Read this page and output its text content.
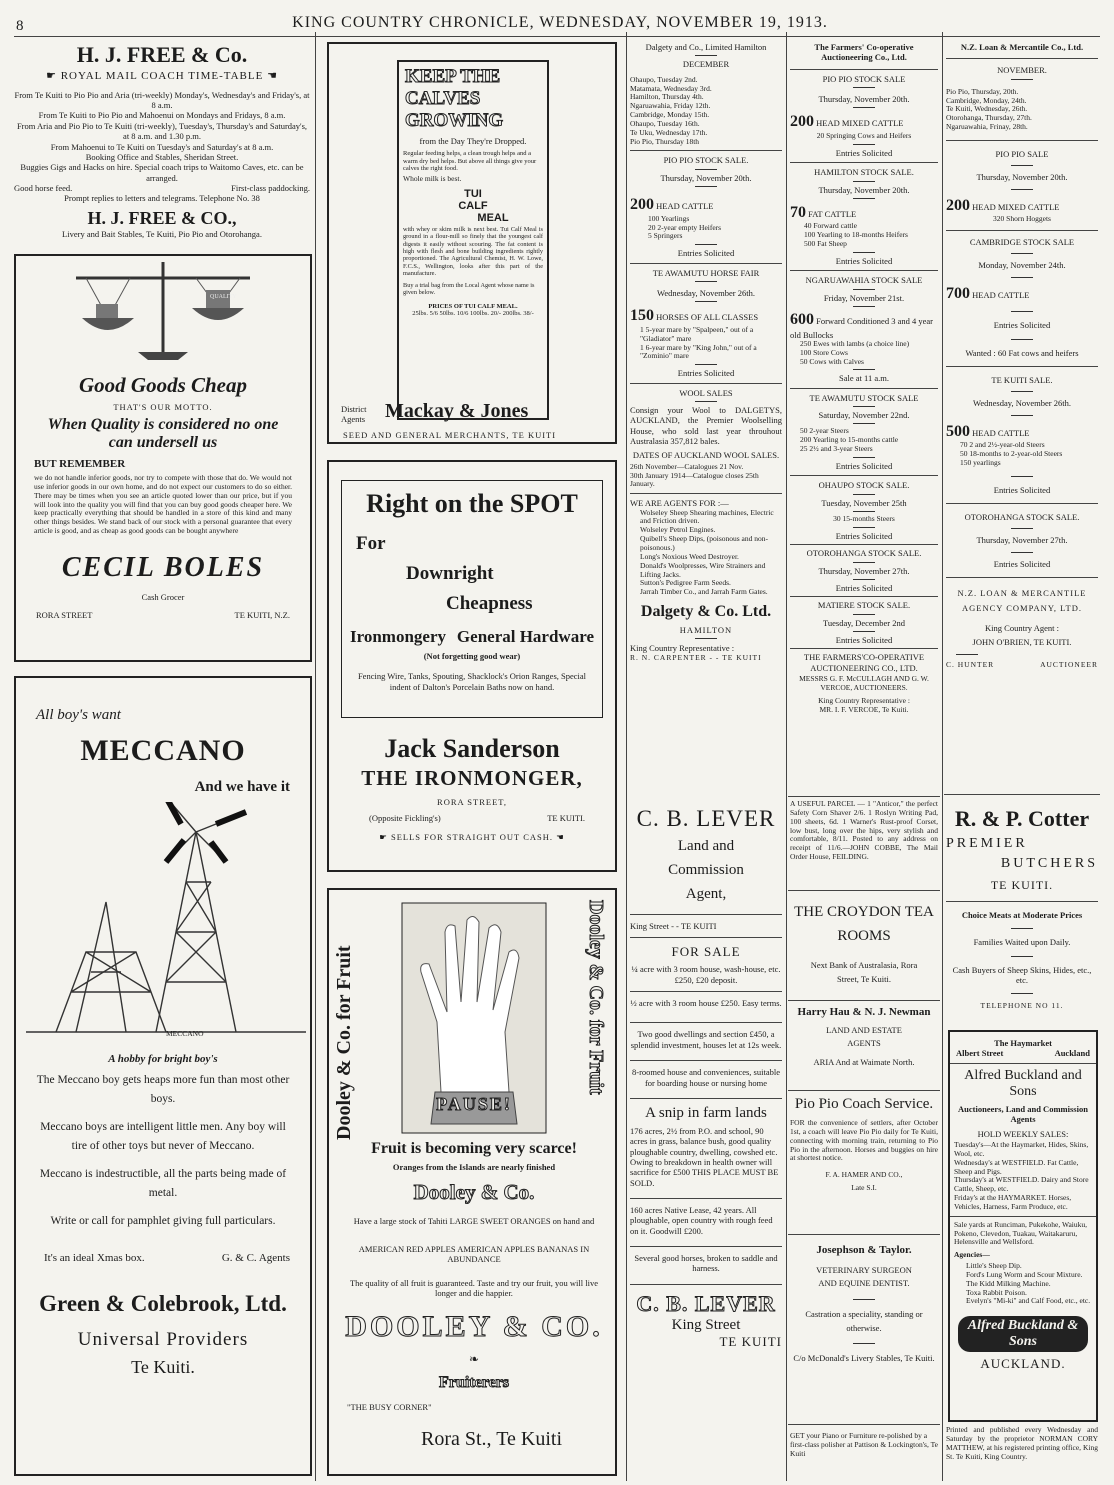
8	KING COUNTRY CHRONICLE, WEDNESDAY, NOVEMBER 19, 1913.
H. J. FREE & Co.
☛ ROYAL MAIL COACH TIME-TABLE ☚
From Te Kuiti to Pio Pio and Aria (tri-weekly) Monday's, Wednesday's and Friday's, at 8 a.m.
From Te Kuiti to Pio Pio and Mahoenui on Mondays and Fridays, 8 a.m.
From Aria and Pio Pio to Te Kuiti (tri-weekly), Tuesday's, Thursday's and Saturday's, at 8 a.m. and 1.30 p.m.
From Mahoenui to Te Kuiti on Tuesday's and Saturday's at 8 a.m.
Booking Office and Stables, Sheridan Street.
Buggies Gigs and Hacks on hire. Special coach trips to Waitomo Caves, etc. can be arranged.
Good horse feed.	First-class paddocking.
Prompt replies to letters and telegrams. Telephone No. 38
H. J. FREE & CO.,
Livery and Bait Stables, Te Kuiti, Pio Pio and Otorohanga.
QUALITY
Good Goods Cheap
THAT'S OUR MOTTO.
When Quality is considered no one can undersell us
BUT REMEMBER
we do not handle inferior goods, nor try to compete with those that do. We would not use inferior goods in our own home, and do not expect our customers to do so either. There may be times when you see an article quoted lower than our price, but if you will look into the quality you will find that you can buy good goods cheaper here. We keep practically everything that should be handled in a store of this kind and many other things besides. We stand back of our stock with a personal guarantee that every article is good, and as cheap as good goods can be bought anywhere
CECIL BOLES
Cash Grocer
RORA STREET	TE KUITI, N.Z.
All boy's want
MECCANO
And we have it
MECCANO
A hobby for bright boy's
The Meccano boy gets heaps more fun than most other boys.
Meccano boys are intelligent little men. Any boy will tire of other toys but never of Meccano.
Meccano is indestructible, all the parts being made of metal.
Write or call for pamphlet giving full particulars.
It's an ideal Xmas box.	G. & C. Agents
Green & Colebrook, Ltd.
Universal Providers
Te Kuiti.
KEEP THE CALVES GROWING
from the Day They're Dropped.
Regular feeding helps, a clean trough helps and a warm dry bed helps. But above all things give your calves the right food.
Whole milk is best.
TUI
CALF
MEAL
with whey or skim milk is next best. Tui Calf Meal is ground in a flour-mill so finely that the youngest calf digests it easily without scouring. The fat content is high with flesh and bone building ingredients rightly proportioned. The Agricultural Chemist, H. W. Lowe, F.C.S., Wellington, looks after this part of the manufacture.
Buy a trial bag from the Local Agent whose name is given below.
PRICES OF TUI CALF MEAL.
25lbs. 5/6 50lbs. 10/6 100lbs. 20/- 200lbs. 38/-
District Agents Mackay & Jones
SEED AND GENERAL MERCHANTS, TE KUITI
Right on the SPOT
For
Downright
Cheapness
Ironmongery General Hardware
(Not forgetting good wear)
Fencing Wire, Tanks, Spouting, Shacklock's Orion Ranges, Special indent of Dalton's Porcelain Baths now on hand.
Jack Sanderson
THE IRONMONGER,
RORA STREET,
(Opposite Fickling's)	TE KUITI.
☛ SELLS FOR STRAIGHT OUT CASH. ☚
Dooley & Co. for Fruit	Dooley & Co. for Fruit
PAUSE!
Fruit is becoming very scarce!
Oranges from the Islands are nearly finished
Dooley & Co.
Have a large stock of Tahiti LARGE SWEET ORANGES on hand and
AMERICAN RED APPLES AMERICAN APPLES BANANAS IN ABUNDANCE
The quality of all fruit is guaranteed. Taste and try our fruit, you will live longer and die happier.
DOOLEY & CO.
❧
Fruiterers
"THE BUSY CORNER"
Rora St., Te Kuiti
Dalgety and Co., Limited Hamilton
DECEMBER
Ohaupo, Tuesday 2nd.
Matamata, Wednesday 3rd.
Hamilton, Thursday 4th.
Ngaruawahia, Friday 12th.
Cambridge, Monday 15th.
Ohaupo, Tuesday 16th.
Te Uku, Wednesday 17th.
Pio Pio, Thursday 18th
PIO PIO STOCK SALE.
Thursday, November 20th.
200 HEAD CATTLE
100 Yearlings
20 2-year empty Heifers
5 Springers
Entries Solicited
TE AWAMUTU HORSE FAIR
Wednesday, November 26th.
150 HORSES OF ALL CLASSES
1 5-year mare by "Spalpeen," out of a "Gladiator" mare
1 6-year mare by "King John," out of a "Zominio" mare
Entries Solicited
WOOL SALES
Consign your Wool to DALGETYS, AUCKLAND, the Premier Woolselling House, who sold last year throuhout Australasia 357,812 bales.
DATES OF AUCKLAND WOOL SALES.
26th November—Catalogues 21 Nov.
30th January 1914—Catalogue closes 25th January.
WE ARE AGENTS FOR :—
Wolseley Sheep Shearing machines, Electric and Friction driven.
Wolseley Petrol Engines.
Quibell's Sheep Dips, (poisonous and non-poisonous.)
Long's Noxious Weed Destroyer.
Donald's Woolpresses, Wire Strainers and Lifting Jacks.
Sutton's Pedigree Farm Seeds.
Jarrah Timber Co., and Jarrah Farm Gates.
Dalgety & Co. Ltd.
HAMILTON
King Country Representative :
R. N. CARPENTER - - TE KUITI
C. B. LEVER
Land and Commission Agent,
King Street - - TE KUITI
FOR SALE
¼ acre with 3 room house, wash-house, etc. £250, £20 deposit.
½ acre with 3 room house £250. Easy terms.
Two good dwellings and section £450, a splendid investment, houses let at 12s week.
8-roomed house and conveniences, suitable for boarding house or nursing home
A snip in farm lands
176 acres, 2½ from P.O. and school, 90 acres in grass, balance bush, good quality ploughable country, dwelling, cowshed etc. Owing to breakdown in health owner will sacrifice for £500 THIS PLACE MUST BE SOLD.
160 acres Native Lease, 42 years. All ploughable, open country with rough feed on it. Goodwill £200.
Several good horses, broken to saddle and harness.
C. B. LEVER
King Street
TE KUITI
The Farmers' Co-operative Auctioneering Co., Ltd.
PIO PIO STOCK SALE
Thursday, November 20th.
200 HEAD MIXED CATTLE
20 Springing Cows and Heifers
Entries Solicited
HAMILTON STOCK SALE.
Thursday, November 20th.
70 FAT CATTLE
40 Forward cattle
100 Yearling to 18-months Heifers
500 Fat Sheep
Entries Solicited
NGARUAWAHIA STOCK SALE
Friday, November 21st.
600 Forward Conditioned 3 and 4 year old Bullocks
250 Ewes with lambs (a choice line)
100 Store Cows
50 Cows with Calves
Sale at 11 a.m.
TE AWAMUTU STOCK SALE
Saturday, November 22nd.
50 2-year Steers
200 Yearling to 15-months cattle
25 2½ and 3-year Steers
Entries Solicited
OHAUPO STOCK SALE.
Tuesday, November 25th
30 15-months Steers
Entries Solicited
OTOROHANGA STOCK SALE.
Thursday, November 27th.
Entries Solicited
MATIERE STOCK SALE.
Tuesday, December 2nd
Entries Solicited
THE FARMERS'CO-OPERATIVE AUCTIONEERING CO., LTD.
MESSRS G. F. McCULLAGH AND G. W. VERCOE, AUCTIONEERS.
King Country Representative :
MR. I. F. VERCOE, Te Kuiti.
A USEFUL PARCEL — 1 "Anticor," the perfect Safety Corn Shaver 2/6. 1 Roslyn Writing Pad, 100 sheets, 6d. 1 Warner's Rust-proof Corset, low bust, long over the hips, very stylish and comfortable, 8/11. Posted to any address on receipt of 11/6.—JOHN COBBE, The Mail Order House, FEILDING.
THE CROYDON TEA ROOMS
Next Bank of Australasia, Rora Street, Te Kuiti.
Harry Hau & N. J. Newman
LAND AND ESTATE AGENTS
ARIA And at Waimate North.
Pio Pio Coach Service.
FOR the convenience of settlers, after October 1st, a coach will leave Pio Pio daily for Te Kuiti, connecting with morning train, returning to Pio Pio in the afternoon. Horses and buggies on hire at shortest notice.
F. A. HAMER AND CO.,
Late S.I.
Josephson & Taylor.
VETERINARY SURGEON AND EQUINE DENTIST.
Castration a speciality, standing or otherwise.
C/o McDonald's Livery Stables, Te Kuiti.
GET your Piano or Furniture re-polished by a first-class polisher at Pattison & Lockington's, Te Kuiti
N.Z. Loan & Mercantile Co., Ltd.
NOVEMBER.
Pio Pio, Thursday, 20th.
Cambridge, Monday, 24th.
Te Kuiti, Wednesday, 26th.
Otorohanga, Thursday, 27th.
Ngaruawahia, Frinay, 28th.
PIO PIO SALE
Thursday, November 20th.
200 HEAD MIXED CATTLE
320 Shorn Hoggets
CAMBRIDGE STOCK SALE
Monday, November 24th.
700 HEAD CATTLE
Entries Solicited
Wanted : 60 Fat cows and heifers
TE KUITI SALE.
Wednesday, November 26th.
500 HEAD CATTLE
70 2 and 2½-year-old Steers
50 18-months to 2-year-old Steers
150 yearlings
Entries Solicited
OTOROHANGA STOCK SALE.
Thursday, November 27th.
Entries Solicited
N.Z. LOAN & MERCANTILE AGENCY COMPANY, LTD.
King Country Agent :
JOHN O'BRIEN, TE KUITI.
C. HUNTER	AUCTIONEER
R. & P. Cotter
PREMIER
BUTCHERS
TE KUITI.
Choice Meats at Moderate Prices
Families Waited upon Daily.
Cash Buyers of Sheep Skins, Hides, etc., etc.
TELEPHONE NO 11.
The Haymarket
Albert Street	Auckland
Alfred Buckland and Sons
Auctioneers, Land and Commission Agents
HOLD WEEKLY SALES:
Tuesday's—At the Haymarket, Hides, Skins, Wool, etc.
Wednesday's at WESTFIELD. Fat Cattle, Sheep and Pigs.
Thursday's at WESTFIELD. Dairy and Store Cattle, Sheep, etc.
Friday's at the HAYMARKET. Horses, Vehicles, Harness, Farm Produce, etc.
Sale yards at Runciman, Pukekohe, Waiuku, Pokeno, Clevedon, Tuakau, Waitakaruru, Helensville and Wellsford.
Agencies—
Little's Sheep Dip.
Ford's Lung Worm and Scour Mixture.
The Kidd Milking Machine.
Toxa Rabbit Poison.
Evelyn's "Mi-ki" and Calf Food, etc., etc.
Alfred Buckland & Sons
AUCKLAND.
Printed and published every Wednesday and Saturday by the proprietor NORMAN CORY MATTHEW, at his registered printing office, King St. Te Kuiti, King Country.
